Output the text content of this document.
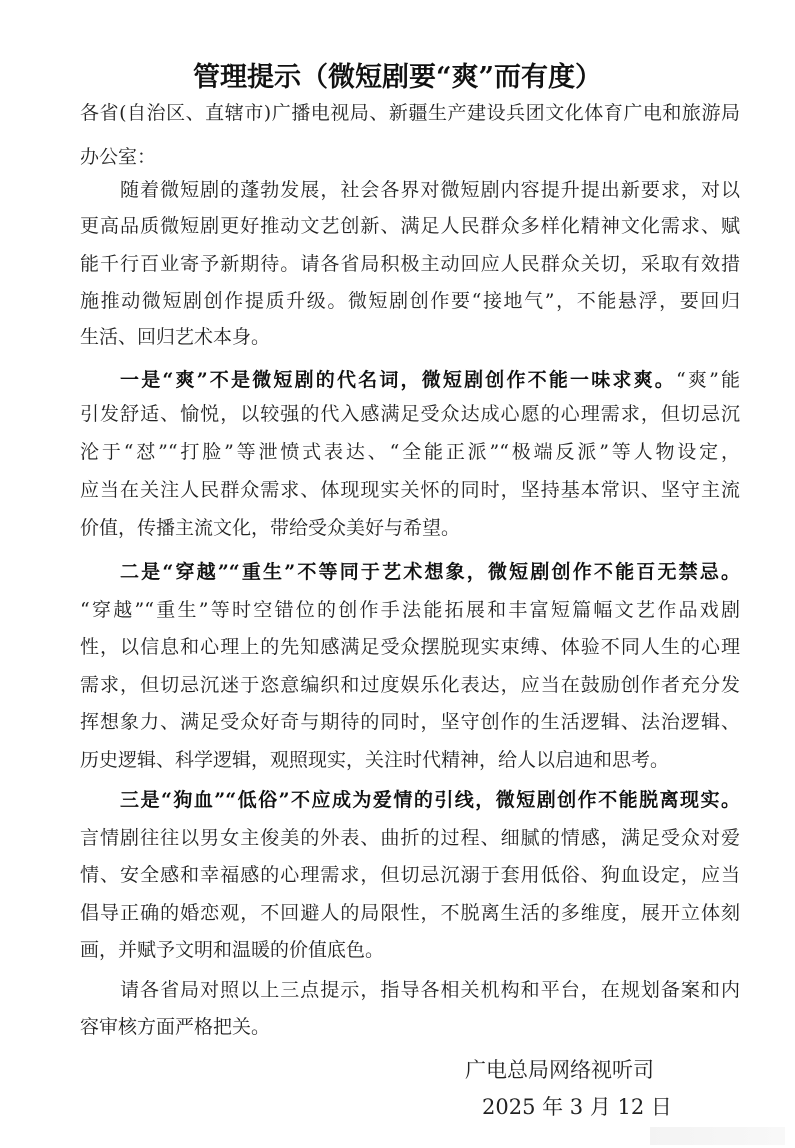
管理提示（微短剧要“爽”而有度）
各省(自治区、直辖市)广播电视局、新疆生产建设兵团文化体育广电和旅游局
办公室：
随着微短剧的蓬勃发展，社会各界对微短剧内容提升提出新要求，对以
更高品质微短剧更好推动文艺创新、满足人民群众多样化精神文化需求、赋
能千行百业寄予新期待。请各省局积极主动回应人民群众关切，采取有效措
施推动微短剧创作提质升级。微短剧创作要“接地气”，不能悬浮，要回归
生活、回归艺术本身。
一是“爽”不是微短剧的代名词，微短剧创作不能一味求爽。“爽”能
引发舒适、愉悦，以较强的代入感满足受众达成心愿的心理需求，但切忌沉
沦于“怼”“打脸”等泄愤式表达、“全能正派”“极端反派”等人物设定，
应当在关注人民群众需求、体现现实关怀的同时，坚持基本常识、坚守主流
价值，传播主流文化，带给受众美好与希望。
二是“穿越”“重生”不等同于艺术想象，微短剧创作不能百无禁忌。
“穿越”“重生”等时空错位的创作手法能拓展和丰富短篇幅文艺作品戏剧
性，以信息和心理上的先知感满足受众摆脱现实束缚、体验不同人生的心理
需求，但切忌沉迷于恣意编织和过度娱乐化表达，应当在鼓励创作者充分发
挥想象力、满足受众好奇与期待的同时，坚守创作的生活逻辑、法治逻辑、
历史逻辑、科学逻辑，观照现实，关注时代精神，给人以启迪和思考。
三是“狗血”“低俗”不应成为爱情的引线，微短剧创作不能脱离现实。
言情剧往往以男女主俊美的外表、曲折的过程、细腻的情感，满足受众对爱
情、安全感和幸福感的心理需求，但切忌沉溺于套用低俗、狗血设定，应当
倡导正确的婚恋观，不回避人的局限性，不脱离生活的多维度，展开立体刻
画，并赋予文明和温暖的价值底色。
请各省局对照以上三点提示，指导各相关机构和平台，在规划备案和内
容审核方面严格把关。
广电总局网络视听司
2025 年 3 月 12 日
